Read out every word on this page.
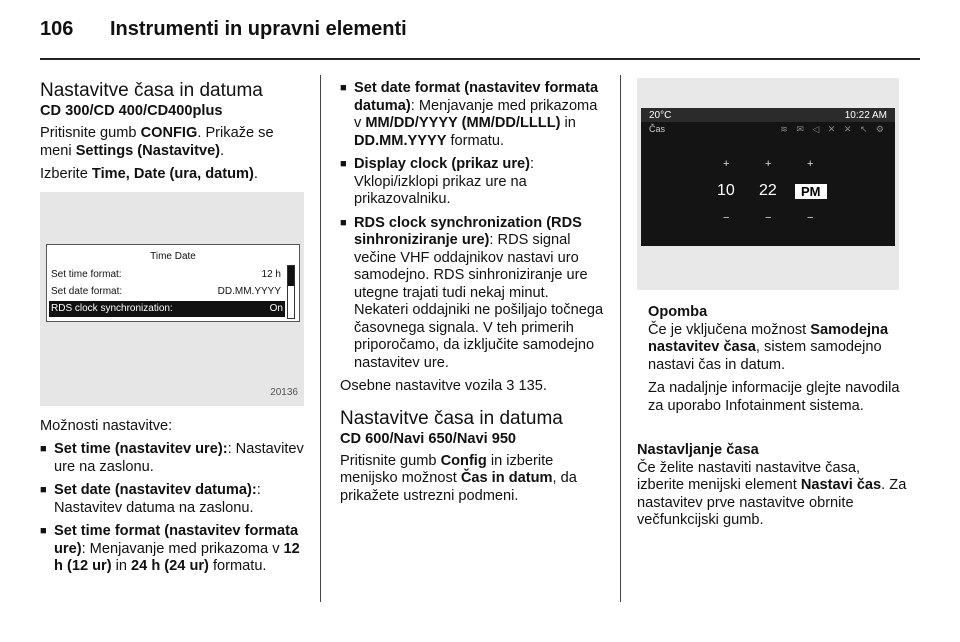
106 Instrumenti in upravni elementi
Nastavitve časa in datuma
CD 300/CD 400/CD400plus

Pritisnite gumb CONFIG. Prikaže se meni Settings (Nastavitve).

Izberite Time, Date (ura, datum).

Time Date
Set time format:	12 h
Set date format:	DD.MM.YYYY
RDS clock synchronization:	On
20136

Možnosti nastavitve:

■ Set time (nastavitev ure):: Nastavitev ure na zaslonu.
■ Set date (nastavitev datuma):: Nastavitev datuma na zaslonu.
■ Set time format (nastavitev formata ure): Menjavanje med prikazoma v 12 h (12 ur) in 24 h (24 ur) formatu.
■ Set date format (nastavitev formata datuma): Menjavanje med prikazoma v MM/DD/YYYY (MM/DD/LLLL) in DD.MM.YYYY formatu.
■ Display clock (prikaz ure): Vklopi/izklopi prikaz ure na prikazovalniku.
■ RDS clock synchronization (RDS sinhroniziranje ure): RDS signal večine VHF oddajnikov nastavi uro samodejno. RDS sinhroniziranje ure utegne trajati tudi nekaj minut. Nekateri oddajniki ne pošiljajo točnega časovnega signala. V teh primerih priporočamo, da izključite samodejno nastavitev ure.

Osebne nastavitve vozila 3 135.

Nastavitve časa in datuma
CD 600/Navi 650/Navi 950

Pritisnite gumb Config in izberite menijsko možnost Čas in datum, da prikažete ustrezni podmeni.

20°C	10:22 AM
Čas	≋ ✉ ◁ ✕ ✕ ↖ ⚙
+	+	+
10 22	PM
−	−	−
Opomba

Če je vključena možnost Samodejna nastavitev časa, sistem samodejno nastavi čas in datum.

Za nadaljnje informacije glejte navodila za uporabo Infotainment sistema.

Nastavljanje časa

Če želite nastaviti nastavitve časa, izberite menijski element Nastavi čas. Za nastavitev prve nastavitve obrnite večfunkcijski gumb.
